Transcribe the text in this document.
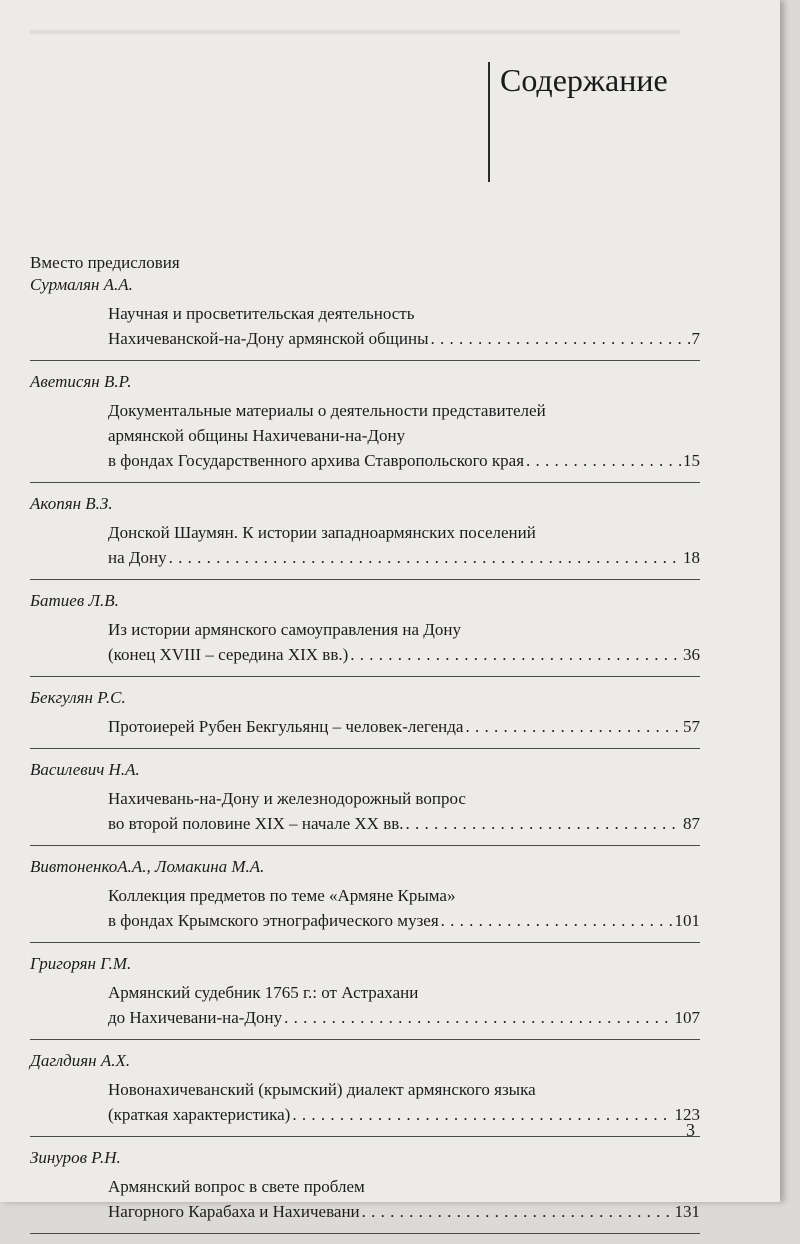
Содержание
Вместо предисловия
Сурмалян А.А.
Научная и просветительская деятельность
Нахичеванской-на-Дону армянской общины . . .	7
Аветисян В.Р.
Документальные материалы о деятельности представителей
армянской общины Нахичевани-на-Дону
в фондах Государственного архива Ставропольского края . . .	15
Акопян В.З.
Донской Шаумян. К истории западноармянских поселений
на Дону . . .	18
Батиев Л.В.
Из истории армянского самоуправления на Дону
(конец XVIII – середина XIX вв.) . . .	36
Бекгулян Р.С.
Протоиерей Рубен Бекгульянц – человек-легенда . . .	57
Василевич Н.А.
Нахичевань-на-Дону и железнодорожный вопрос
во второй половине XIX – начале XX вв. . . .	87
ВивтоненкоА.А., Ломакина М.А.
Коллекция предметов по теме «Армяне Крыма»
в фондах Крымского этнографического музея . . .	101
Григорян Г.М.
Армянский судебник 1765 г.: от Астрахани
до Нахичевани-на-Дону . . .	107
Даглдиян А.Х.
Новонахичеванский (крымский) диалект армянского языка
(краткая характеристика) . . .	123
Зинуров Р.Н.
Армянский вопрос в свете проблем
Нагорного Карабаха и Нахичевани . . .	131
3
